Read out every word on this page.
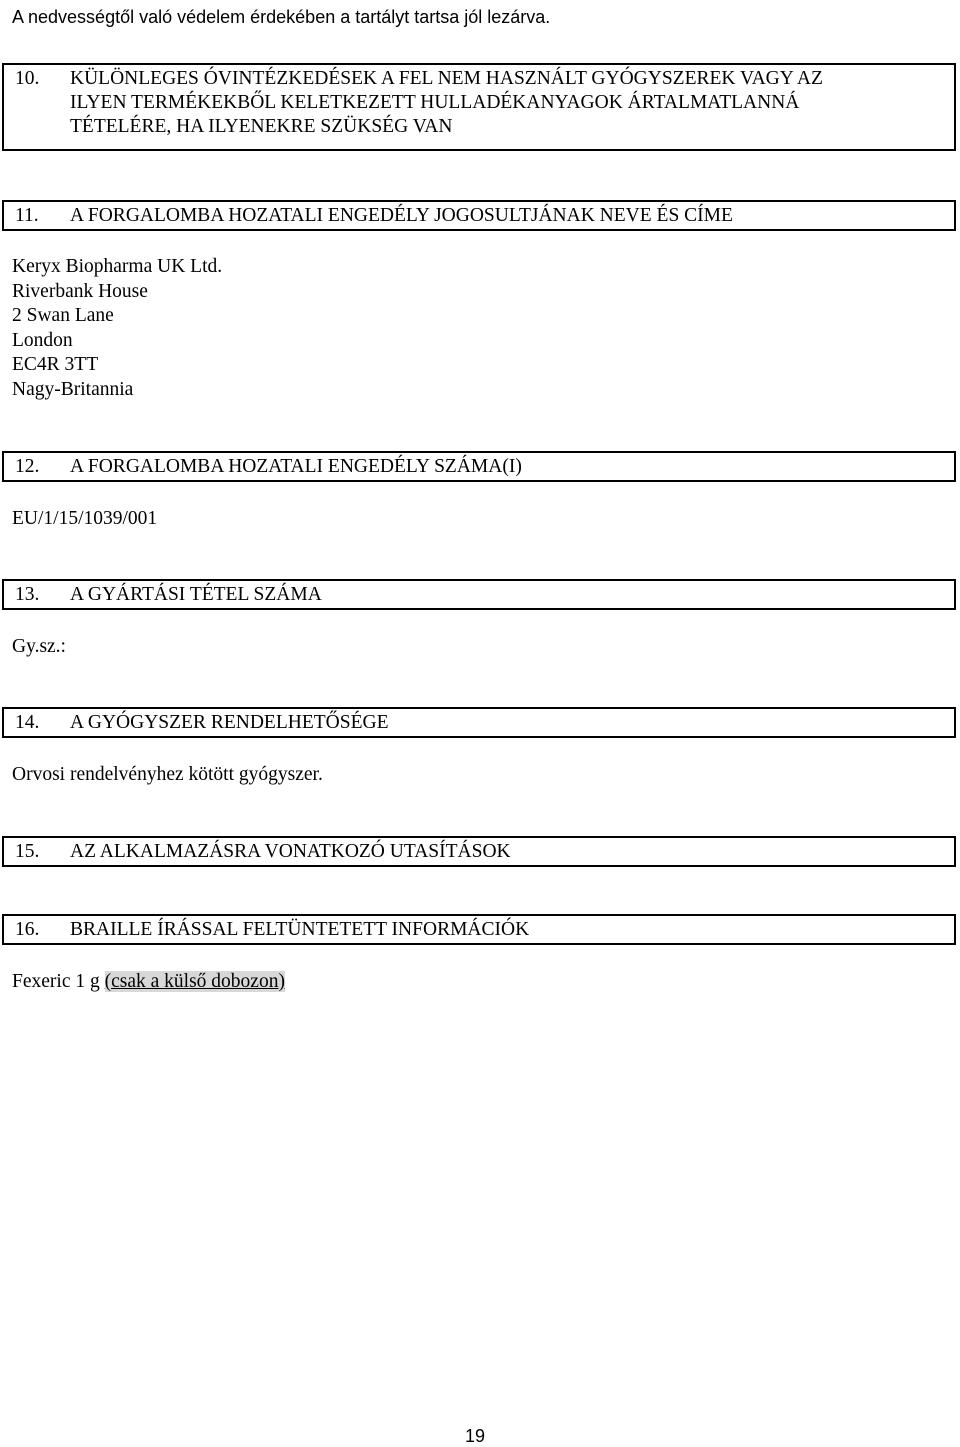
A nedvességtől való védelem érdekében a tartályt tartsa jól lezárva.
10. KÜLÖNLEGES ÓVINTÉZKEDÉSEK A FEL NEM HASZNÁLT GYÓGYSZEREK VAGY AZ
ILYEN TERMÉKEKBŐL KELETKEZETT HULLADÉKANYAGOK ÁRTALMATLANNÁ
TÉTELÉRE, HA ILYENEKRE SZÜKSÉG VAN
11. A FORGALOMBA HOZATALI ENGEDÉLY JOGOSULTJÁNAK NEVE ÉS CÍME
Keryx Biopharma UK Ltd.
Riverbank House
2 Swan Lane
London
EC4R 3TT
Nagy-Britannia
12. A FORGALOMBA HOZATALI ENGEDÉLY SZÁMA(I)
EU/1/15/1039/001
13. A GYÁRTÁSI TÉTEL SZÁMA
Gy.sz.:
14. A GYÓGYSZER RENDELHETŐSÉGE
Orvosi rendelvényhez kötött gyógyszer.
15. AZ ALKALMAZÁSRA VONATKOZÓ UTASÍTÁSOK
16. BRAILLE ÍRÁSSAL FELTÜNTETETT INFORMÁCIÓK
Fexeric 1 g (csak a külső dobozon)
19
